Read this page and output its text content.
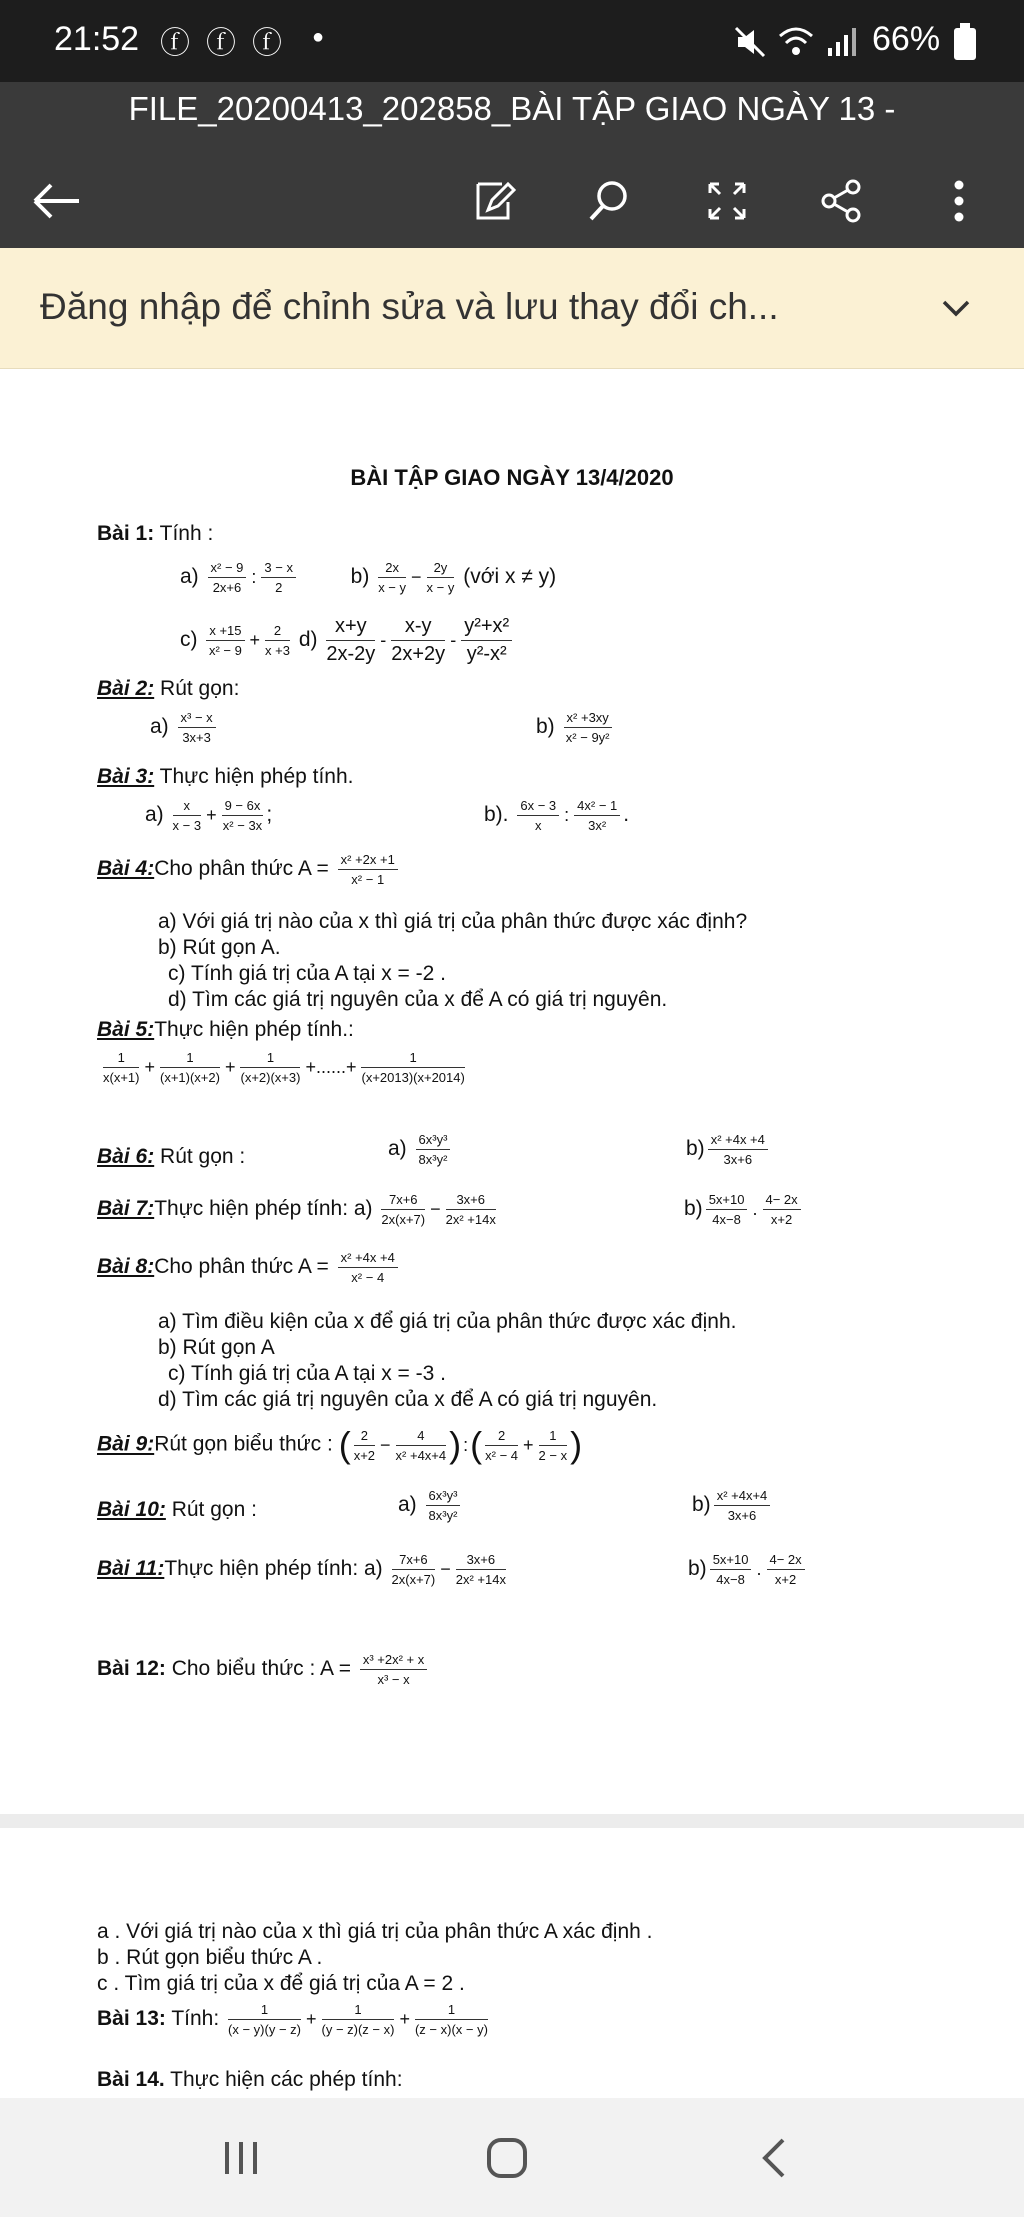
21:52 ⓕ ⓕ ⓕ ●	66%
FILE_20200413_202858_BÀI TẬP GIAO NGÀY 13 -
Đăng nhập để chỉnh sửa và lưu thay đổi ch...
BÀI TẬP GIAO NGÀY 13/4/2020
Bài 1: Tính :
$a) \frac{\text{x² − 9}}{2x+6}$ : $\frac{3 - x}{2}$	$b) \frac{2x}{x - y} - \frac{2y}{x - y}$ (với x ≠ y)
$c) \frac{x +15}{\text{x² − 9}} + \frac{2}{x +3} d) \frac{x+y}{2x-2y} - \frac{x-y}{2x+2y} - \frac{\text{y²+x²}}{\text{y²-x²}}$
Bài 2: Rút gọn:
$a) \frac{\text{x³ − x}}{3x+3}$	$b) \frac{\text{x² +3xy}}{\text{x² − 9y²}}$
Bài 3: Thực hiện phép tính.
$a) \frac{x}{x - 3} + \frac{9 - 6x}{\text{x² − 3x}}$ ;	b). $\frac{6x - 3}{x}$ : $\frac{\text{4x² − 1}}{\text{3x²}}$ .
Bài 4:Cho phân thức $A = \frac{\text{x² +2x +1}}{\text{x² − 1}}$
a) Với giá trị nào của x thì giá trị của phân thức được xác định?
b) Rút gọn A.
c) Tính giá trị của A tại x = -2 .
d) Tìm các giá trị nguyên của x để A có giá trị nguyên.
Bài 5:Thực hiện phép tính.:
$\frac{1}{x(x+1)} + \frac{1}{(x+1)(x+2)} + \frac{1}{(x+2)(x+3)}$ +......+ $\frac{1}{(x+2013)(x+2014)}$
Bài 6: Rút gọn :	$a) \frac{\text{6x³y³}}{\text{8x³y²}}$	$b) \frac{\text{x² +4x +4}}{3x+6}$
Bài 7:Thực hiện phép tính: $a) \frac{7x+6}{2x(x+7)} - \frac{3x+6}{\text{2x² +14x}}$	$b) \frac{5x+10}{4x-8}$ . $\frac{4- 2x}{x+2}$
Bài 8:Cho phân thức $A = \frac{\text{x² +4x +4}}{\text{x² − 4}}$
a) Tìm điều kiện của x để giá trị của phân thức được xác định.
b) Rút gọn A
c) Tính giá trị của A tại x = -3 .
d) Tìm các giá trị nguyên của x để A có giá trị nguyên.
Bài 9:Rút gọn biểu thức : ( $\frac{2}{x+2} - \frac{4}{\text{x² +4x+4}}$ ) :( $\frac{2}{\text{x² − 4}} + \frac{1}{2 - x}$ )
Bài 10: Rút gọn :	$a) \frac{\text{6x³y³}}{\text{8x³y²}}$	$b) \frac{\text{x² +4x+4}}{3x+6}$
Bài 11:Thực hiện phép tính: $a) \frac{7x+6}{2x(x+7)} - \frac{3x+6}{\text{2x² +14x}}$	$b) \frac{5x+10}{4x-8}$ . $\frac{4- 2x}{x+2}$
Bài 12: Cho biểu thức : $A = \frac{\text{x³ +2x² + x}}{\text{x³ − x}}$
a . Với giá trị nào của x thì giá trị của phân thức A xác định .
b . Rút gọn biểu thức A .
c . Tìm giá trị của x để giá trị của A = 2 .
Bài 13: Tính: $\frac{1}{(x - y)(y - z)} + \frac{1}{(y - z)(z - x)} + \frac{1}{(z - x)(x - y)}$
Bài 14. Thực hiện các phép tính:
